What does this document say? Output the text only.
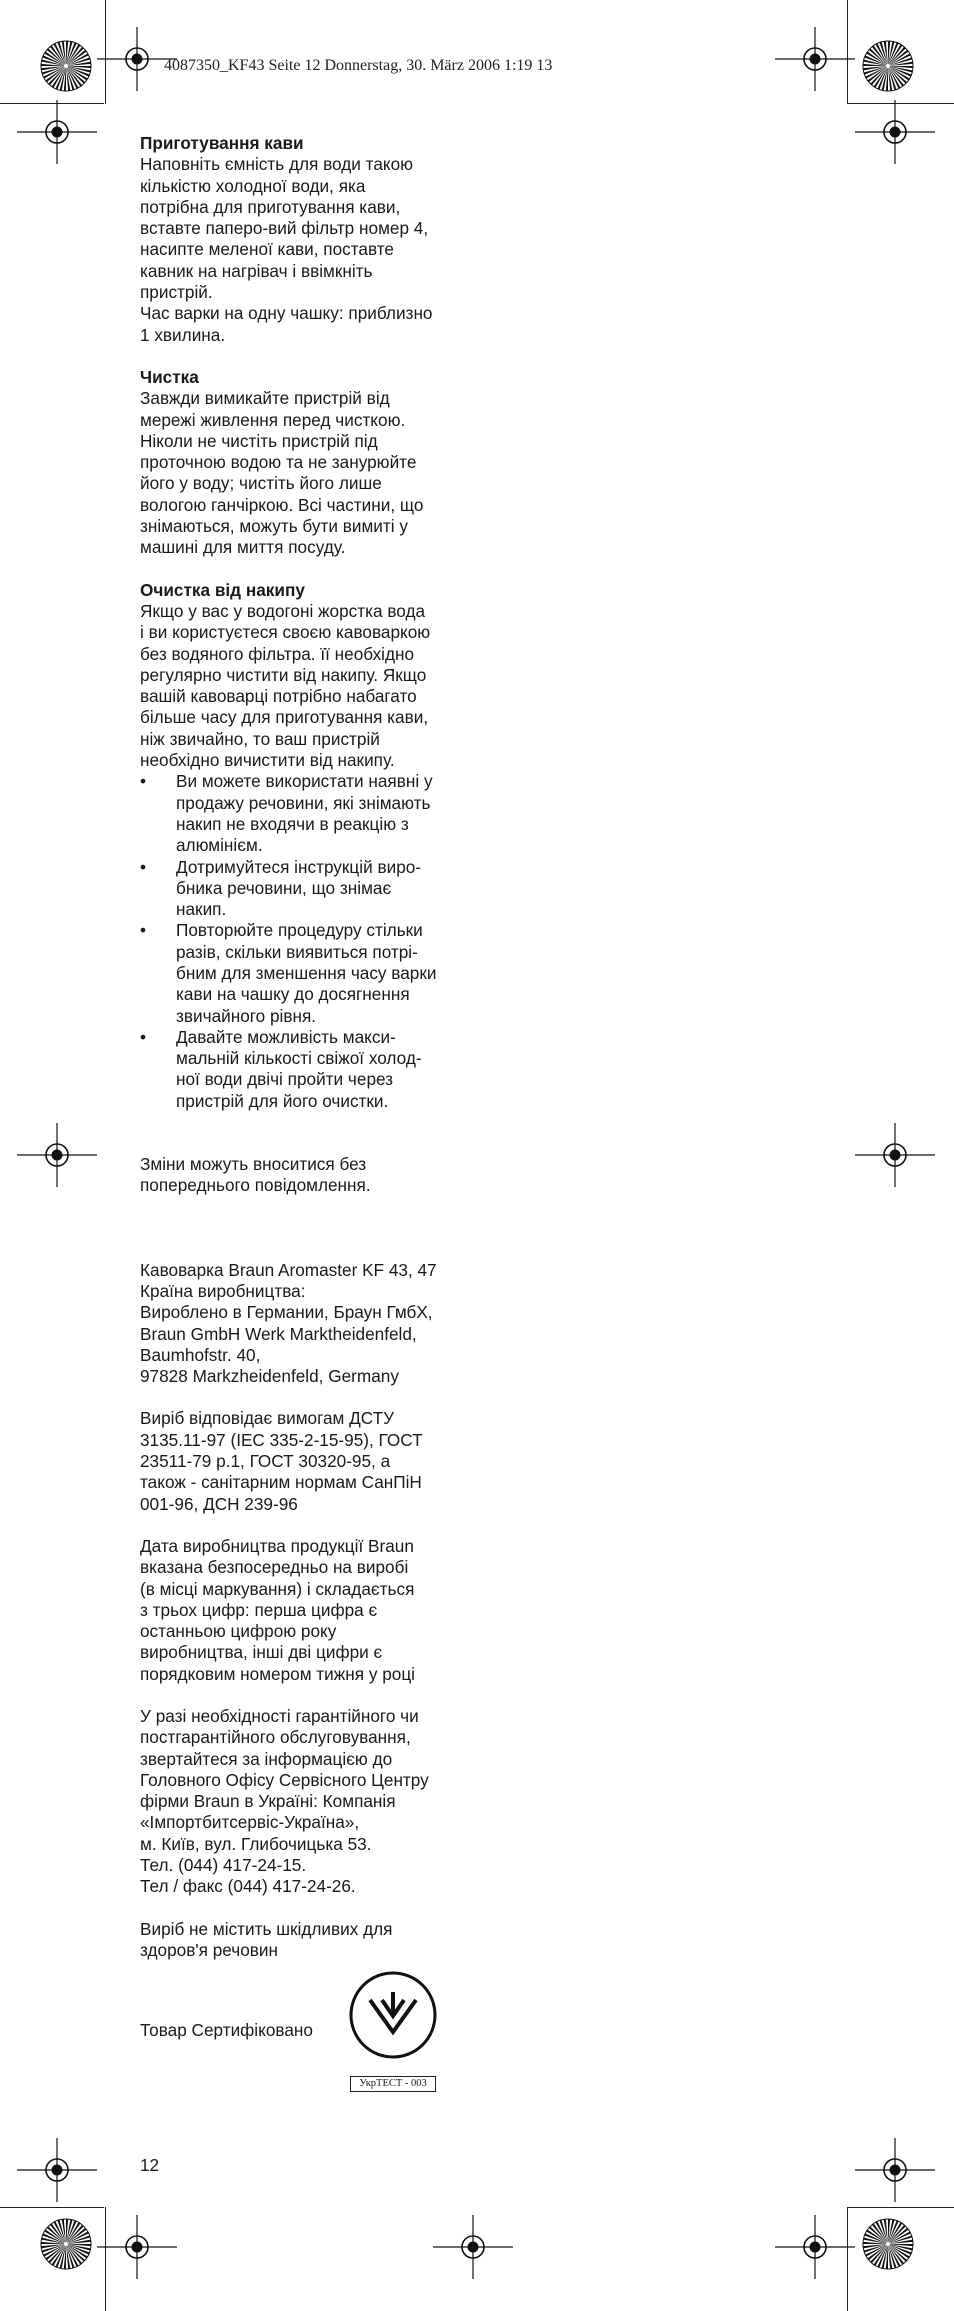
4087350_KF43 Seite 12 Donnerstag, 30. März 2006 1:19 13

Приготування кави

Наповніть ємність для води такою
кількістю холодної води, яка
потрібна для приготування кави,
вставте паперо-вий фільтр номер 4,
насипте меленої кави, поставте
кавник на нагрівач і ввімкніть
пристрій.
Час варки на одну чашку: приблизно
1 хвилина.

Чистка

Завжди вимикайте пристрій від
мережі живлення перед чисткою.
Ніколи не чистіть пристрій під
проточною водою та не занурюйте
його у воду; чистіть його лише
вологою ганчіркою. Всі частини, що
знімаються, можуть бути вимиті у
машині для миття посуду.

Очистка від накипу

Якщо у вас у водогоні жорстка вода
і ви користуєтеся своєю кавоваркою
без водяного фільтра. її необхідно
регулярно чистити від накипу. Якщо
вашій кавоварці потрібно набагато
більше часу для приготування кави,
ніж звичайно, то ваш пристрій
необхідно вичистити від накипу.
• Ви можете використати наявні у
продажу речовини, які знімають
накип не входячи в реакцію з
алюмінієм.
• Дотримуйтеся інструкцій виро-
бника речовини, що знімає
накип.
• Повторюйте процедуру стільки
разів, скільки виявиться потрі-
бним для зменшення часу варки
кави на чашку до досягнення
звичайного рівня.
• Давайте можливість макси-
мальній кількості свіжої холод-
ної води двічі пройти через
пристрій для його очистки.
Зміни можуть вноситися без
попереднього повідомлення.
Кавоварка Braun Aromaster KF 43, 47
Країна виробництва:
Вироблено в Германии, Браун ГмбХ,
Braun GmbH Werk Marktheidenfeld,
Baumhofstr. 40,
97828 Markzheidenfeld, Germany
Виріб відповідає вимогам ДСТУ
3135.11-97 (IEC 335-2-15-95), ГОСТ
23511-79 р.1, ГОСТ 30320-95, а
також - санітарним нормам СанПіН
001-96, ДСН 239-96
Дата виробництва продукції Braun
вказана безпосередньо на виробі
(в місці маркування) і складається
з трьох цифр: перша цифра є
останньою цифрою року
виробництва, інші дві цифри є
порядковим номером тижня у році
У разі необхідності гарантійного чи
постгарантійного обслуговування,
звертайтеся за інформацією до
Головного Офісу Сервісного Центру
фірми Braun в Україні: Компанія
«Імпортбитсервіс-Україна»,
м. Київ, вул. Глибочицька 53.
Тел. (044) 417-24-15.
Тел / факс (044) 417-24-26.
Виріб не містить шкідливих для
здоров'я речовин
Товар Сертифіковано
УкрТЕСТ - 003
12
